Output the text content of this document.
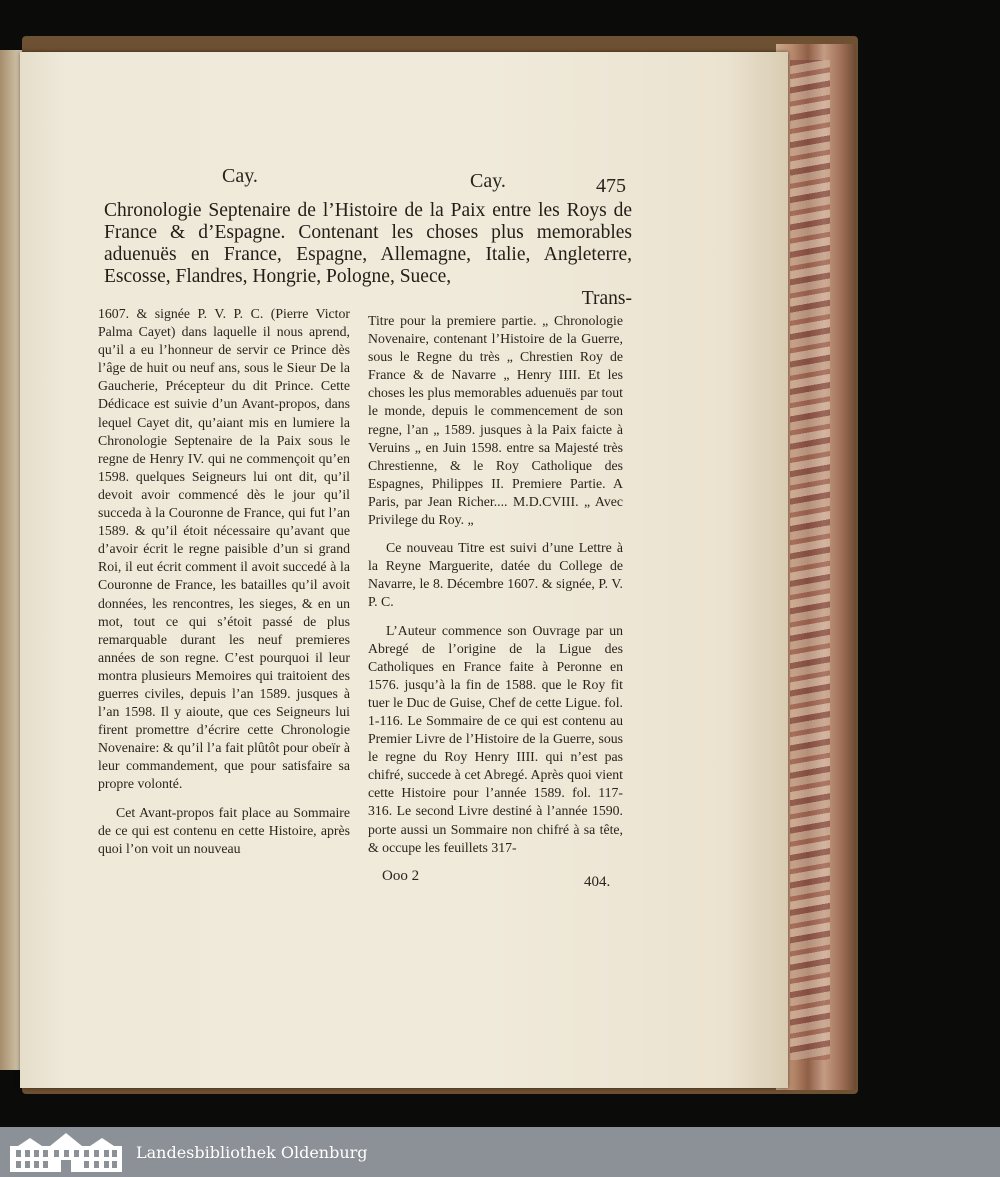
Cay.	Cay.	475
Chronologie Septenaire de l’Histoire de la Paix entre les Roys de France & d’Espagne. Contenant les choses plus memorables aduenuës en France, Espagne, Allemagne, Italie, Angleterre, Escosse, Flandres, Hongrie, Pologne, Suece,
Trans-

1607. & signée P. V. P. C. (Pierre Victor Palma Cayet) dans laquelle il nous aprend, qu’il a eu l’honneur de servir ce Prince dès l’âge de huit ou neuf ans, sous le Sieur De la Gaucherie, Précepteur du dit Prince. Cette Dédicace est suivie d’un Avant-propos, dans lequel Cayet dit, qu’aiant mis en lumiere la Chronologie Septenaire de la Paix sous le regne de Henry IV. qui ne commençoit qu’en 1598. quelques Seigneurs lui ont dit, qu’il devoit avoir commencé dès le jour qu’il succeda à la Couronne de France, qui fut l’an 1589. & qu’il étoit nécessaire qu’avant que d’avoir écrit le regne paisible d’un si grand Roi, il eut écrit comment il avoit succedé à la Couronne de France, les batailles qu’il avoit données, les rencontres, les sieges, & en un mot, tout ce qui s’étoit passé de plus remarquable durant les neuf premieres années de son regne. C’est pourquoi il leur montra plusieurs Memoires qui traitoient des guerres civiles, depuis l’an 1589. jusques à l’an 1598. Il y aioute, que ces Seigneurs lui firent promettre d’écrire cette Chronologie Novenaire: & qu’il l’a fait plûtôt pour obeïr à leur commandement, que pour satisfaire sa propre volonté.

Cet Avant-propos fait place au Sommaire de ce qui est contenu en cette Histoire, après quoi l’on voit un nouveau

Titre pour la premiere partie. „ Chronologie Novenaire, contenant l’Histoire de la Guerre, sous le Regne du très „ Chrestien Roy de France & de Navarre „ Henry IIII. Et les choses les plus memorables aduenuës par tout le monde, depuis le commencement de son regne, l’an „ 1589. jusques à la Paix faicte à Veruins „ en Juin 1598. entre sa Majesté très Chrestienne, & le Roy Catholique des Espagnes, Philippes II. Premiere Partie. A Paris, par Jean Richer.... M.D.CVIII. „ Avec Privilege du Roy. „

Ce nouveau Titre est suivi d’une Lettre à la Reyne Marguerite, datée du College de Navarre, le 8. Décembre 1607. & signée, P. V. P. C.

L’Auteur commence son Ouvrage par un Abregé de l’origine de la Ligue des Catholiques en France faite à Peronne en 1576. jusqu’à la fin de 1588. que le Roy fit tuer le Duc de Guise, Chef de cette Ligue. fol. 1-116. Le Sommaire de ce qui est contenu au Premier Livre de l’Histoire de la Guerre, sous le regne du Roy Henry IIII. qui n’est pas chifré, succede à cet Abregé. Après quoi vient cette Histoire pour l’année 1589. fol. 117-316. Le second Livre destiné à l’année 1590. porte aussi un Sommaire non chifré à sa tête, & occupe les feuillets 317-

Ooo 2	404.
Landesbibliothek Oldenburg
